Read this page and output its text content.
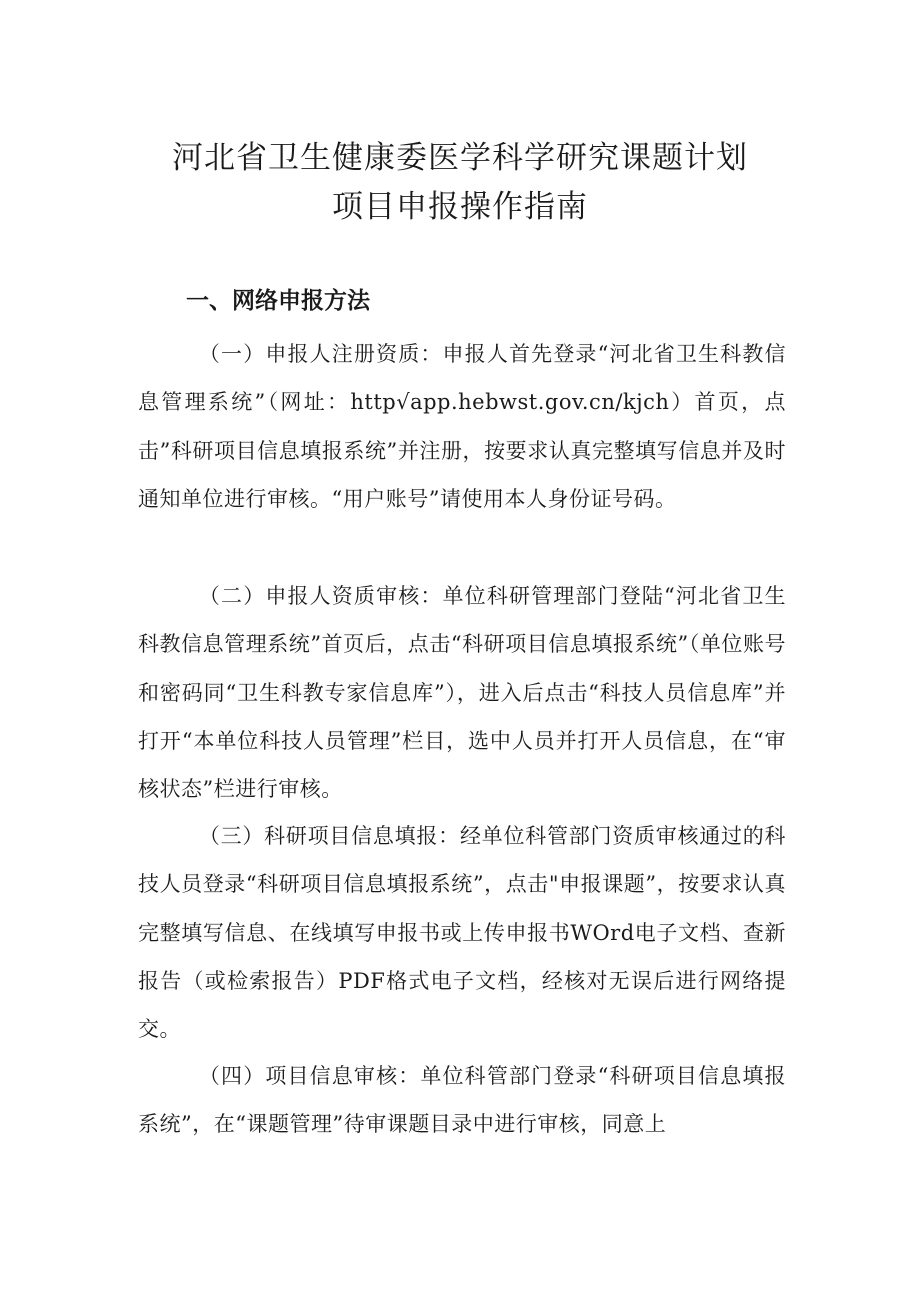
河北省卫生健康委医学科学研究课题计划
项目申报操作指南
一、网络申报方法
（一）申报人注册资质：申报人首先登录“河北省卫生科教信息管理系统”（网址：http√app.hebwst.gov.cn/kjch）首页，点击”科研项目信息填报系统”并注册，按要求认真完整填写信息并及时通知单位进行审核。“用户账号”请使用本人身份证号码。
（二）申报人资质审核：单位科研管理部门登陆“河北省卫生科教信息管理系统”首页后，点击“科研项目信息填报系统”（单位账号和密码同“卫生科教专家信息库”），进入后点击“科技人员信息库”并打开“本单位科技人员管理”栏目，选中人员并打开人员信息，在“审核状态”栏进行审核。
（三）科研项目信息填报：经单位科管部门资质审核通过的科技人员登录“科研项目信息填报系统”，点击"申报课题”，按要求认真完整填写信息、在线填写申报书或上传申报书WOrd电子文档、查新报告（或检索报告）PDF格式电子文档，经核对无误后进行网络提交。
（四）项目信息审核：单位科管部门登录“科研项目信息填报系统”，在“课题管理”待审课题目录中进行审核，同意上
